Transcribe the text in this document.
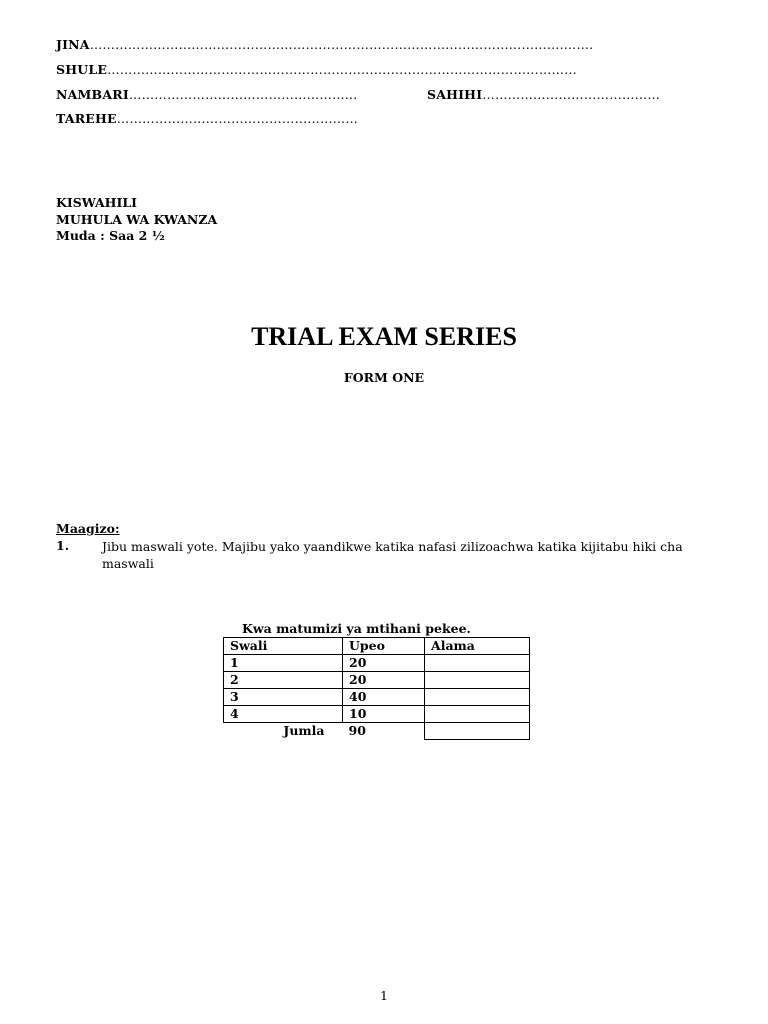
JINA………………………………………………………………………………………………….…….
SHULE…………………………………………………………………………………………………
NAMBARI………………………………………………	SAHIHI……………………………………
TAREHE…………………………………………………
KISWAHILI
MUHULA WA KWANZA
Muda : Saa 2 ½
TRIAL EXAM SERIES
FORM ONE
Maagizo:
1.	Jibu maswali yote. Majibu yako yaandikwe katika nafasi zilizoachwa katika kijitabu hiki cha maswali
Kwa matumizi ya mtihani pekee.
Swali	Upeo	Alama
1	20	
2	20	
3	40	
4	10	
Jumla	90	
1
